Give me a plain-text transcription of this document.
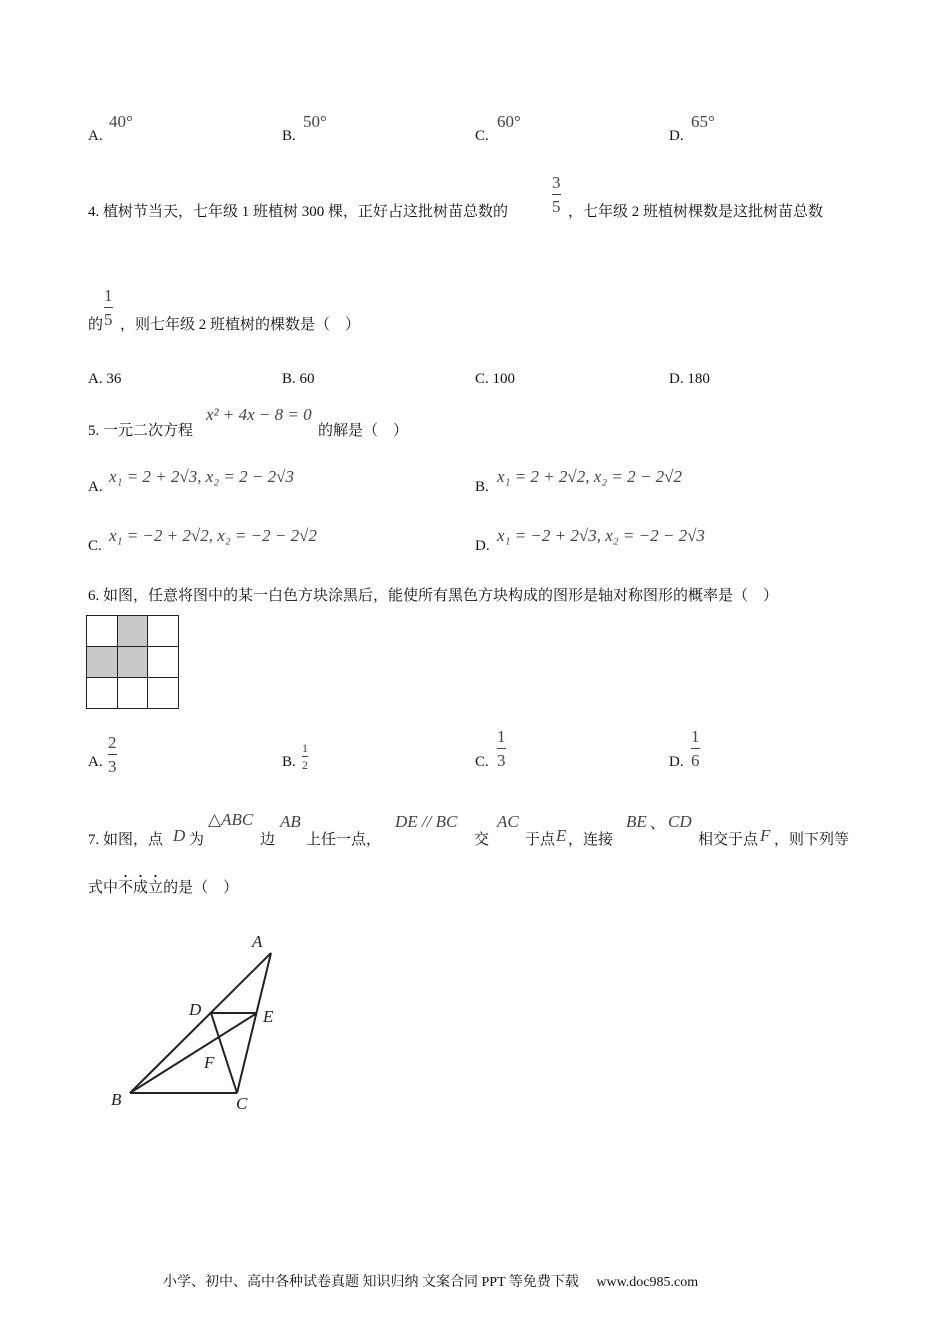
A.
40°
B.
50°
C.
60°
D.
65°
4. 植树节当天，七年级 1 班植树 300 棵，正好占这批树苗总数的
3
5 ，七年级 2 班植树棵数是这批树苗总数
的
1
5 ，则七年级 2 班植树的棵数是（　）
A. 36	B. 60	C. 100	D. 180
5. 一元二次方程
x² + 4x − 8 = 0
的解是（　）
A.
x₁ = 2 + 2√3, x₂ = 2 − 2√3
B.
x₁ = 2 + 2√2, x₂ = 2 − 2√2
C.
x₁ = −2 + 2√2, x₂ = −2 − 2√2
D.
x₁ = −2 + 2√3, x₂ = −2 − 2√3
6. 如图，任意将图中的某一白色方块涂黑后，能使所有黑色方块构成的图形是轴对称图形的概率是（　）

A.
2
3	B.
1
2	C.
1
3	D.
1
6
7. 如图，点 D 为
△ABC
边
AB
上任一点，
DE // BC
交
AC
于点 E ，连接
BE 、 CD
相交于点 F ，则下列等
式中不成立的是（　）
A
D	E
F
B	C
小学、初中、高中各种试卷真题 知识归纳 文案合同 PPT 等免费下载　 www.doc985.com
